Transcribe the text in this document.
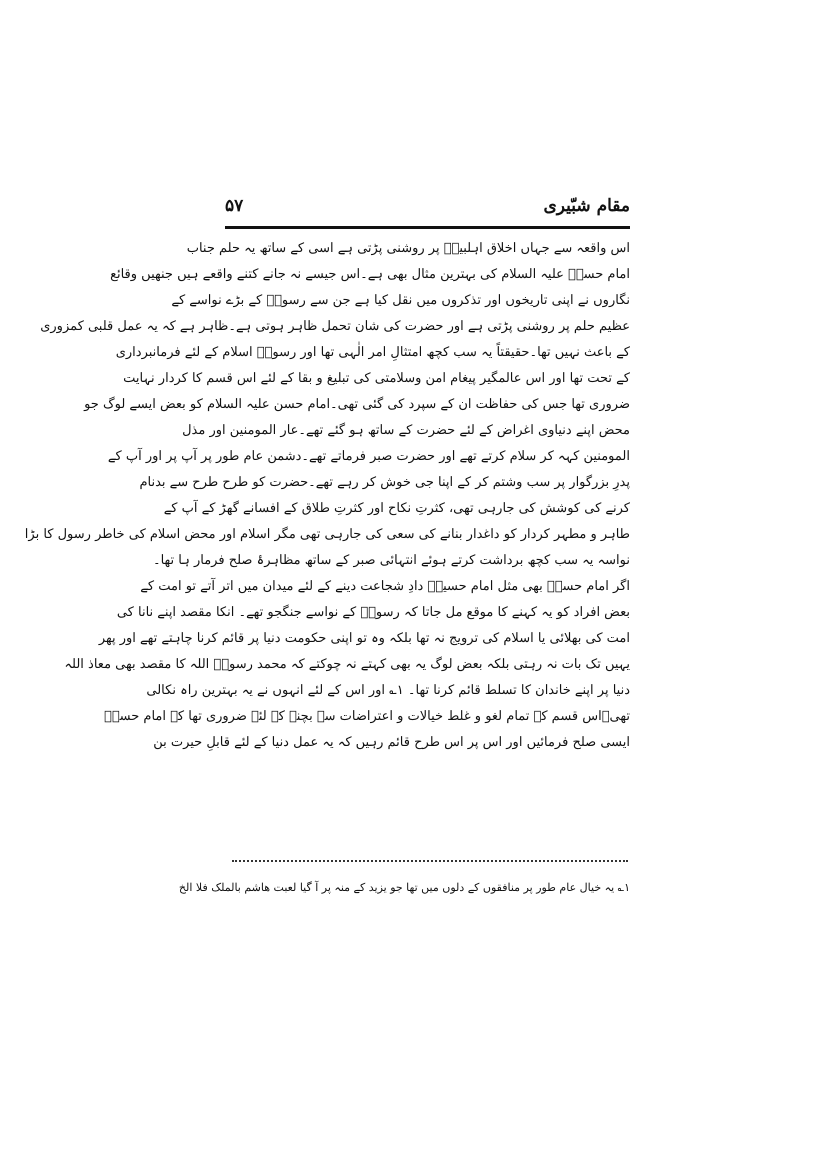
مقام شبّیری
۵۷
اس واقعہ سے جہاں اخلاق اہلبیتؑ پر روشنی پڑتی ہے اسی کے ساتھ یہ حلم جناب
امام حسنؑ علیہ السلام کی بہترین مثال بھی ہے۔اس جیسے نہ جانے کتنے واقعے ہیں جنھیں وقائع
نگاروں نے اپنی تاریخوں اور تذکروں میں نقل کیا ہے جن سے رسولؐ کے بڑے نواسے کے
عظیم حلم پر روشنی پڑتی ہے اور حضرت کی شان تحمل ظاہر ہوتی ہے۔ظاہر ہے کہ یہ عمل قلبی کمزوری
کے باعث نہیں تھا۔حقیقتاً یہ سب کچھ امتثالِ امر الٰہی تھا اور رسولؐ اسلام کے لئے فرمانبرداری
کے تحت تھا اور اس عالمگیر پیغام امن وسلامتی کی تبلیغ و بقا کے لئے اس قسم کا کردار نہایت
ضروری تھا جس کی حفاظت ان کے سپرد کی گئی تھی۔امام حسن علیہ السلام کو بعض ایسے لوگ جو
محض اپنے دنیاوی اغراض کے لئے حضرت کے ساتھ ہو گئے تھے۔عار المومنین اور مذل
المومنین کہہ کر سلام کرتے تھے اور حضرت صبر فرماتے تھے۔دشمن عام طور پر آپ پر اور آپ کے
پدرِ بزرگوار پر سب وشتم کر کے اپنا جی خوش کر رہے تھے۔حضرت کو طرح طرح سے بدنام
کرنے کی کوشش کی جارہی تھی، کثرتِ نکاح اور کثرتِ طلاق کے افسانے گھڑ کے آپ کے
طاہر و مطہر کردار کو داغدار بنانے کی سعی کی جارہی تھی مگر اسلام اور محض اسلام کی خاطر رسول کا بڑا
نواسہ یہ سب کچھ برداشت کرتے ہوئے انتہائی صبر کے ساتھ مظاہرۂ صلح فرمار ہا تھا۔
اگر امام حسنؑ بھی مثل امام حسینؑ دادِ شجاعت دینے کے لئے میدان میں اتر آتے تو امت کے
بعض افراد کو یہ کہنے کا موقع مل جاتا کہ رسولؐ کے نواسے جنگجو تھے۔ انکا مقصد اپنے نانا کی
امت کی بھلائی یا اسلام کی ترویج نہ تھا بلکہ وہ تو اپنی حکومت دنیا پر قائم کرنا چاہتے تھے اور پھر
یہیں تک بات نہ رہتی بلکہ بعض لوگ یہ بھی کہتے نہ چوکتے کہ محمد رسولؐ اللہ کا مقصد بھی معاذ اللہ
دنیا پر اپنے خاندان کا تسلط قائم کرنا تھا۔ ۱؎ اور اس کے لئے انہوں نے یہ بہترین راہ نکالی
تھی۔اس قسم کے تمام لغو و غلط خیالات و اعتراضات سے بچنے کے لئے ضروری تھا کہ امام حسنؑ
ایسی صلح فرمائیں اور اس پر اس طرح قائم رہیں کہ یہ عمل دنیا کے لئے قابلِ حیرت بن
۱؎ یہ خیال عام طور پر منافقوں کے دلوں میں تھا جو یزید کے منہ پر آ گیا لعبت ھاشم بالملک فلا الخ
